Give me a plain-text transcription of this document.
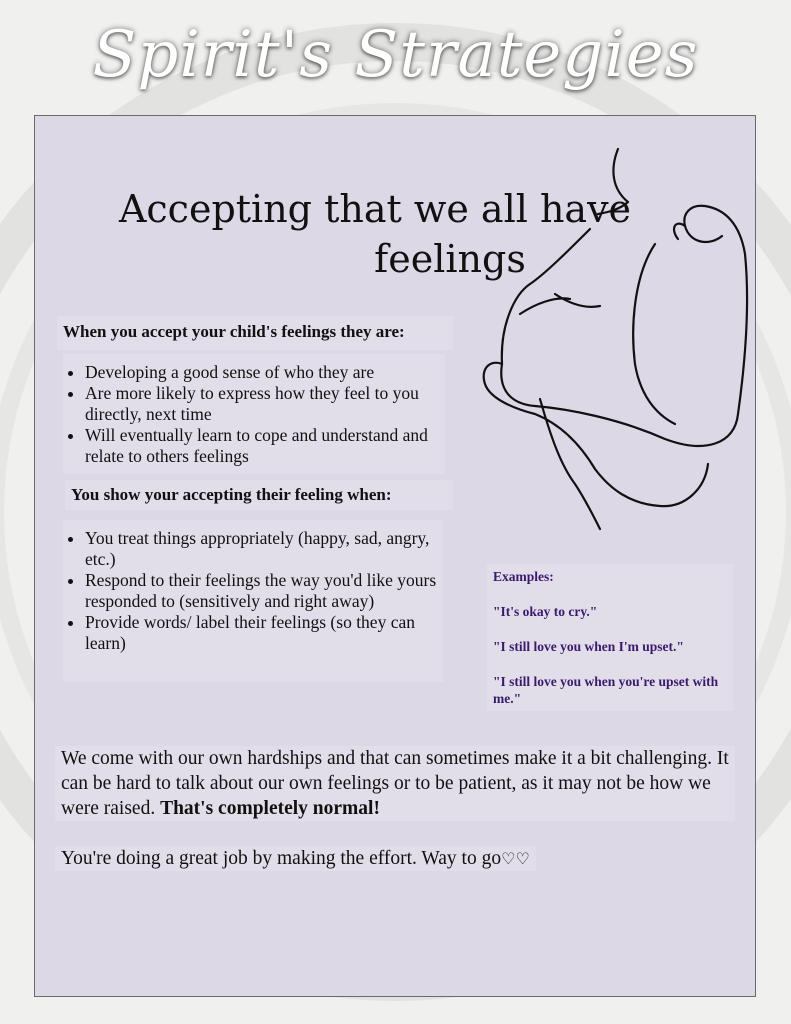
Spirit's Strategies
Accepting that we all have
feelings
When you accept your child's feelings they are:
• Developing a good sense of who they are
• Are more likely to express how they feel to you directly, next time
• Will eventually learn to cope and understand and relate to others feelings
You show your accepting their feeling when:
• You treat things appropriately (happy, sad, angry, etc.)
• Respond to their feelings the way you'd like yours responded to (sensitively and right away)
• Provide words/ label their feelings (so they can learn)

Examples:

"It's okay to cry."

"I still love you when I'm upset."

"I still love you when you're upset with me."

We come with our own hardships and that can sometimes make it a bit challenging. It can be hard to talk about our own feelings or to be patient, as it may not be how we were raised. That's completely normal!
You're doing a great job by making the effort. Way to go♡♡
